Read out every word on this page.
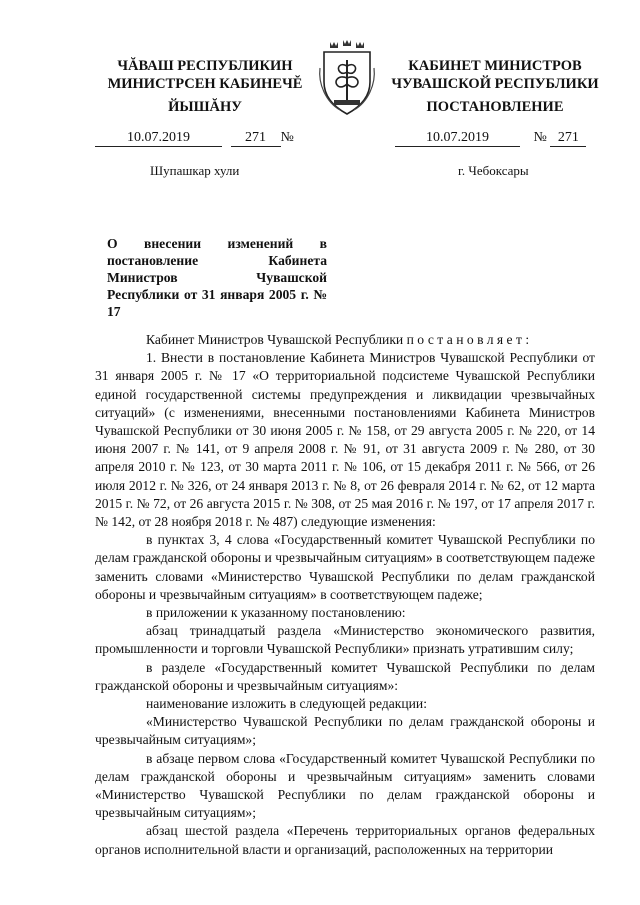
ЧĂВАШ РЕСПУБЛИКИН
МИНИСТРСЕН КАБИНЕЧĔ
ЙЫШĂНУ
КАБИНЕТ МИНИСТРОВ
ЧУВАШСКОЙ РЕСПУБЛИКИ
ПОСТАНОВЛЕНИЕ
10.07.2019	271 №	10.07.2019	№ 271
Шупашкар хули	г. Чебоксары
О внесении изменений в постановление Кабинета Министров Чувашской Республики от 31 января 2005 г. № 17

Кабинет Министров Чувашской Республики постановляет:

1. Внести в постановление Кабинета Министров Чувашской Республики от 31 января 2005 г. № 17 «О территориальной подсистеме Чувашской Республики единой государственной системы предупреждения и ликвидации чрезвычайных ситуаций» (с изменениями, внесенными постановлениями Кабинета Министров Чувашской Республики от 30 июня 2005 г. № 158, от 29 августа 2005 г. № 220, от 14 июня 2007 г. № 141, от 9 апреля 2008 г. № 91, от 31 августа 2009 г. № 280, от 30 апреля 2010 г. № 123, от 30 марта 2011 г. № 106, от 15 декабря 2011 г. № 566, от 26 июля 2012 г. № 326, от 24 января 2013 г. № 8, от 26 февраля 2014 г. № 62, от 12 марта 2015 г. № 72, от 26 августа 2015 г. № 308, от 25 мая 2016 г. № 197, от 17 апреля 2017 г. № 142, от 28 ноября 2018 г. № 487) следующие изменения:

в пунктах 3, 4 слова «Государственный комитет Чувашской Республики по делам гражданской обороны и чрезвычайным ситуациям» в соответствующем падеже заменить словами «Министерство Чувашской Республики по делам гражданской обороны и чрезвычайным ситуациям» в соответствующем падеже;

в приложении к указанному постановлению:

абзац тринадцатый раздела «Министерство экономического развития, промышленности и торговли Чувашской Республики» признать утратившим силу;

в разделе «Государственный комитет Чувашской Республики по делам гражданской обороны и чрезвычайным ситуациям»:

наименование изложить в следующей редакции:

«Министерство Чувашской Республики по делам гражданской обороны и чрезвычайным ситуациям»;

в абзаце первом слова «Государственный комитет Чувашской Республики по делам гражданской обороны и чрезвычайным ситуациям» заменить словами «Министерство Чувашской Республики по делам гражданской обороны и чрезвычайным ситуациям»;

абзац шестой раздела «Перечень территориальных органов федеральных органов исполнительной власти и организаций, расположенных на территории
